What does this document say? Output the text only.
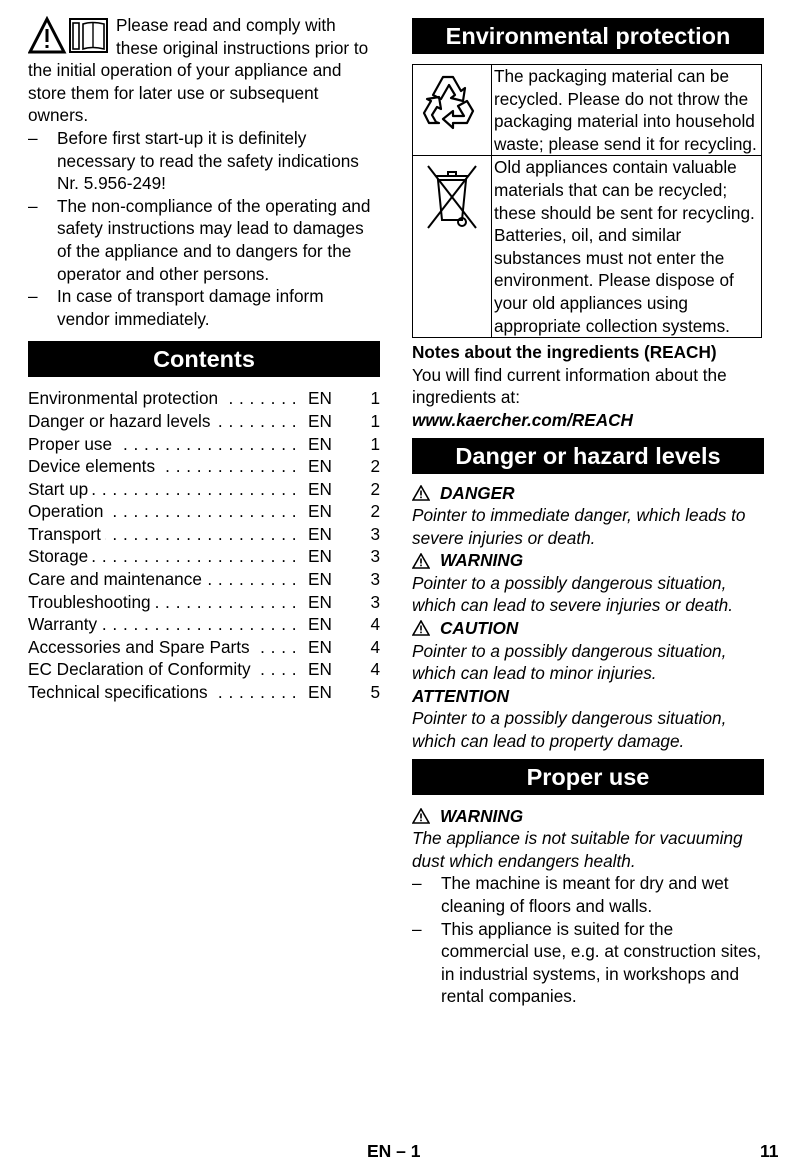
Please read and comply with these original instructions prior to the initial operation of your appliance and store them for later use or subsequent owners.

– Before first start-up it is definitely necessary to read the safety indications Nr. 5.956-249!
– The non-compliance of the operating and safety instructions may lead to damages of the appliance and to dangers for the operator and other persons.
– In case of transport damage inform vendor immediately.
Contents
Environmental protection . . .	EN	1
Danger or hazard levels . . .	EN	1
Proper use . . .	EN	1
Device elements . . .	EN	2
Start up . . .	EN	2
Operation . . .	EN	2
Transport . . .	EN	3
Storage . . .	EN	3
Care and maintenance . . .	EN	3
Troubleshooting . . .	EN	3
Warranty . . .	EN	4
Accessories and Spare Parts . . .	EN	4
EC Declaration of Conformity . . .	EN	4
Technical specifications . . .	EN	5
Environmental protection
	The packaging material can be recycled. Please do not throw the packaging material into household waste; please send it for recycling.
	Old appliances contain valuable materials that can be recycled; these should be sent for recycling. Batteries, oil, and similar substances must not enter the environment. Please dispose of your old appliances using appropriate collection systems.

Notes about the ingredients (REACH)

You will find current information about the ingredients at:

www.kaercher.com/REACH

Danger or hazard levels
DANGER

Pointer to immediate danger, which leads to severe injuries or death.

WARNING

Pointer to a possibly dangerous situation, which can lead to severe injuries or death.

CAUTION

Pointer to a possibly dangerous situation, which can lead to minor injuries.

ATTENTION

Pointer to a possibly dangerous situation, which can lead to property damage.

Proper use
WARNING

The appliance is not suitable for vacuuming dust which endangers health.

– The machine is meant for dry and wet cleaning of floors and walls.
– This appliance is suited for the commercial use, e.g. at construction sites, in industrial systems, in workshops and rental companies.
EN – 1	11
